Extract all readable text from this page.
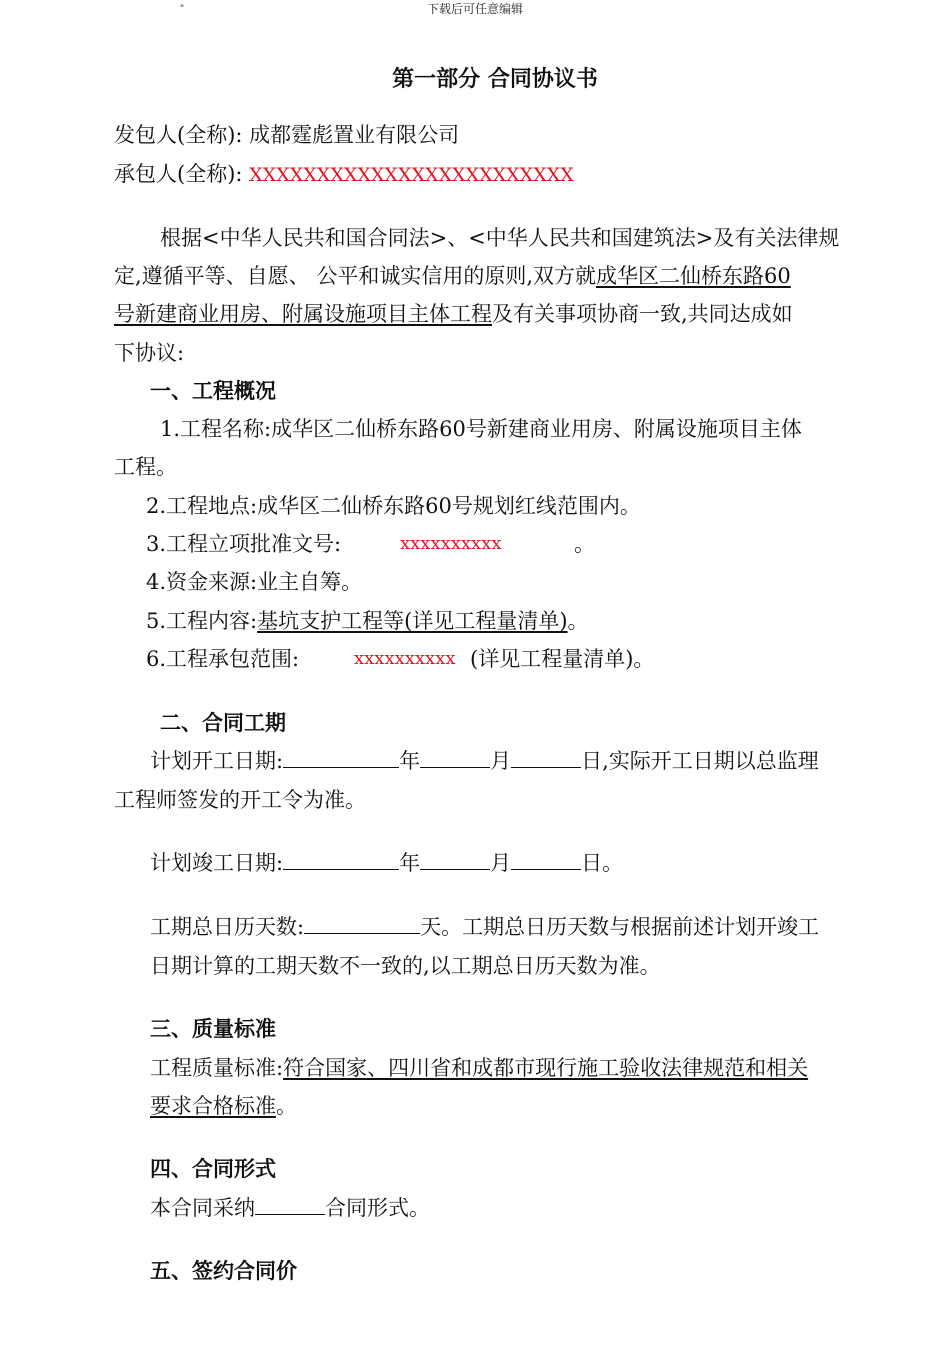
"	下载后可任意编辑
第一部分 合同协议书
发包人(全称): 成都霆彪置业有限公司
承包人(全称): XXXXXXXXXXXXXXXXXXXXXXXX
根据<中华人民共和国合同法>、<中华人民共和国建筑法>及有关法律规
定,遵循平等、自愿、 公平和诚实信用的原则,双方就成华区二仙桥东路60
号新建商业用房、附属设施项目主体工程及有关事项协商一致,共同达成如
下协议:
一、工程概况
1.工程名称:成华区二仙桥东路60号新建商业用房、附属设施项目主体
工程。
2.工程地点:成华区二仙桥东路60号规划红线范围内。
3.工程立项批准文号:	xxxxxxxxxx	。
4.资金来源:业主自筹。
5.工程内容:基坑支护工程等(详见工程量清单)。
6.工程承包范围:	xxxxxxxxxx (详见工程量清单)。
二、合同工期
计划开工日期:	年	月	日,实际开工日期以总监理
工程师签发的开工令为准。
计划竣工日期:	年	月	日。
工期总日历天数:	天。工期总日历天数与根据前述计划开竣工
日期计算的工期天数不一致的,以工期总日历天数为准。
三、质量标准
工程质量标准:符合国家、四川省和成都市现行施工验收法律规范和相关
要求合格标准。
四、合同形式
本合同采纳	合同形式。
五、签约合同价
